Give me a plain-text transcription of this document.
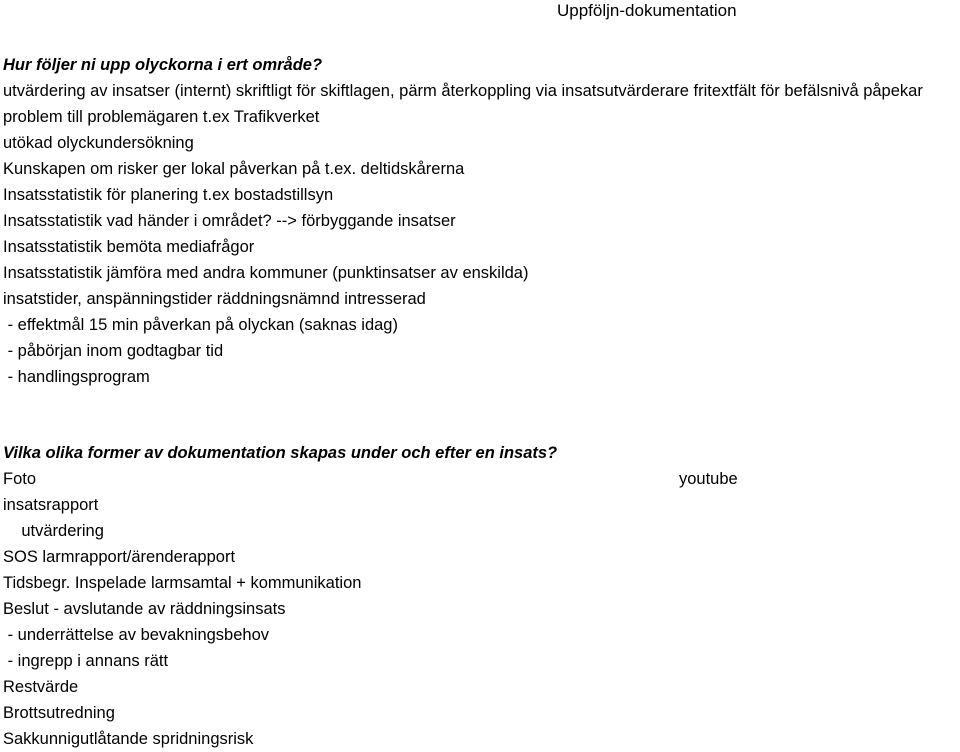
Uppföljn-dokumentation
Hur följer ni upp olyckorna i ert område?
utvärdering av insatser (internt) skriftligt för skiftlagen, pärm återkoppling via insatsutvärderare fritextfält för befälsnivå påpekar problem till problemägaren t.ex Trafikverket
utökad olyckundersökning
Kunskapen om risker ger lokal påverkan på t.ex. deltidskårerna
Insatsstatistik för planering t.ex bostadstillsyn
Insatsstatistik vad händer i området? --> förbyggande insatser
Insatsstatistik bemöta mediafrågor
Insatsstatistik jämföra med andra kommuner (punktinsatser av enskilda)
insatstider, anspänningstider räddningsnämnd intresserad
- effektmål 15 min påverkan på olyckan (saknas idag)
- påbörjan inom godtagbar tid
- handlingsprogram
Vilka olika former av dokumentation skapas under och efter en insats?
Foto
insatsrapport
utvärdering
SOS larmrapport/ärenderapport
Tidsbegr. Inspelade larmsamtal + kommunikation
Beslut - avslutande av räddningsinsats
- underrättelse av bevakningsbehov
- ingrepp i annans rätt
Restvärde
Brottsutredning
Sakkunnigutlåtande spridningsrisk
youtube
